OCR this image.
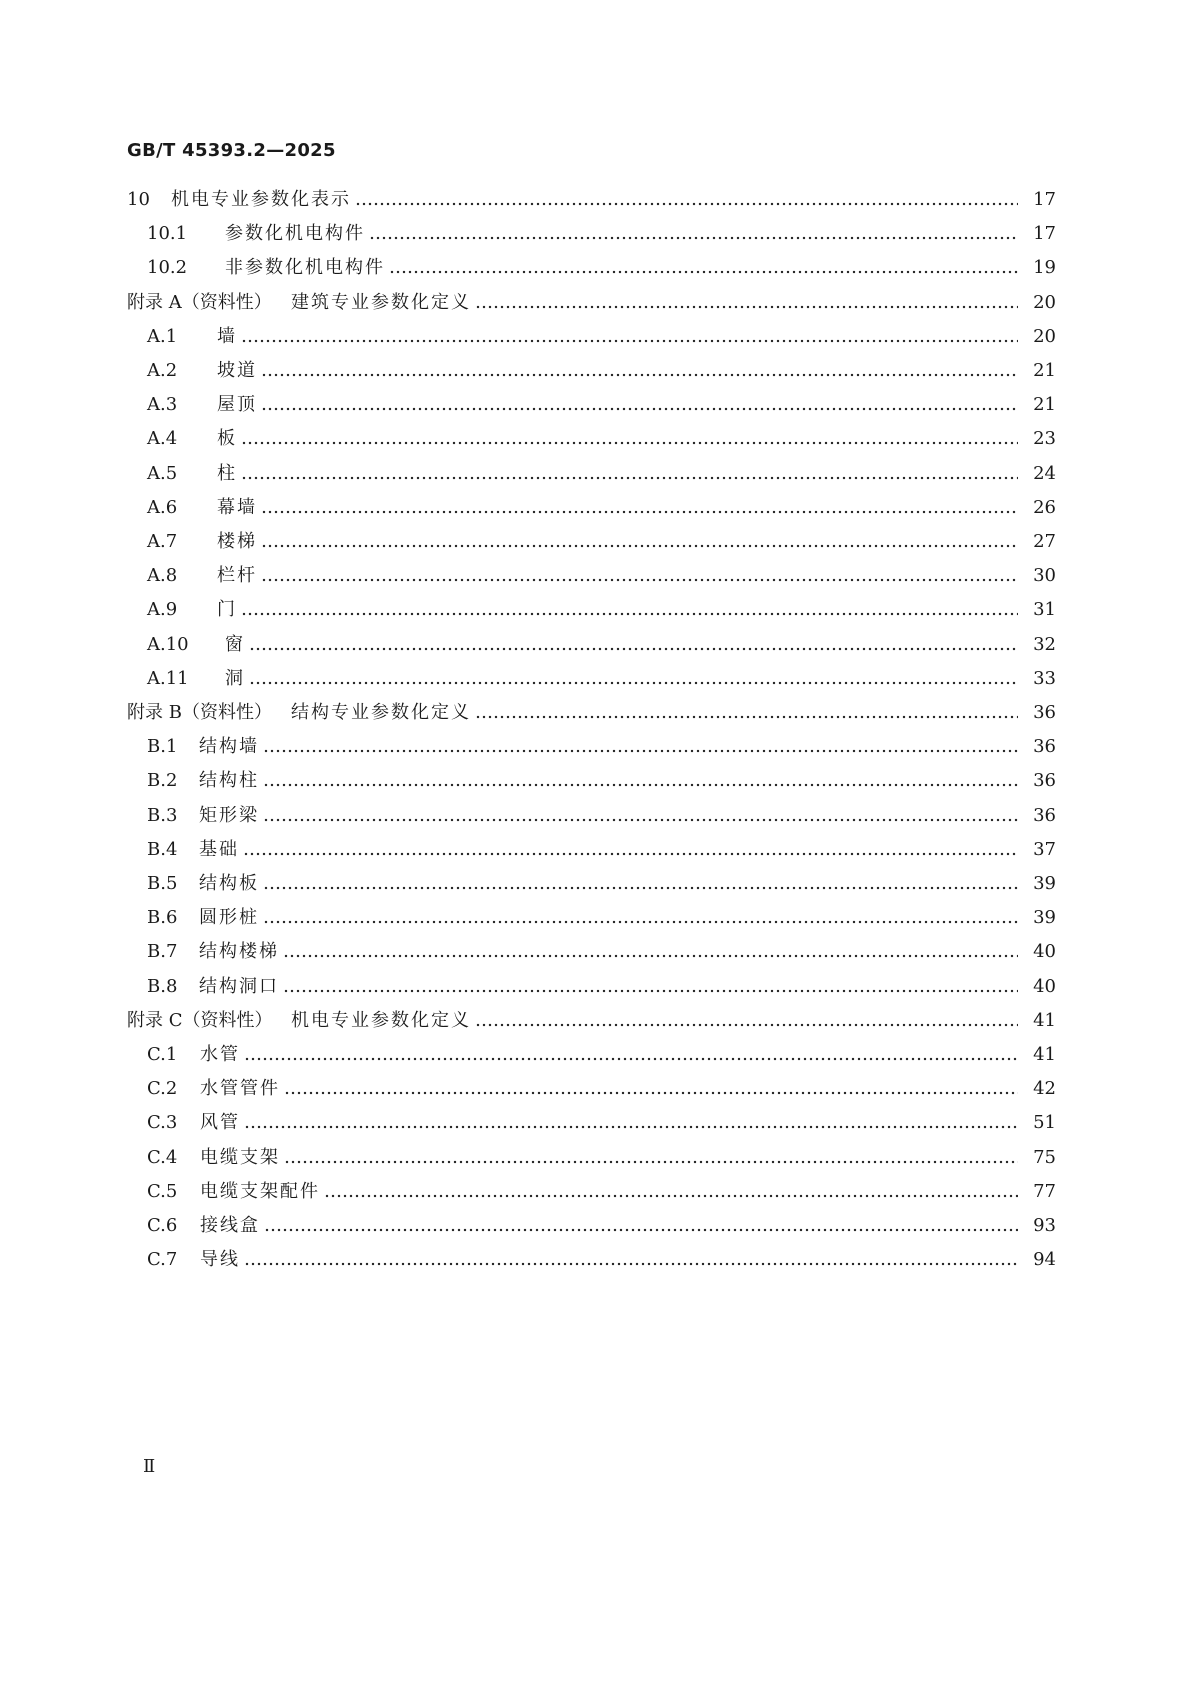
GB/T 45393.2—2025
10	机电专业参数化表示	17
10.1	参数化机电构件	17
10.2	非参数化机电构件	19
附录 A（资料性）	建筑专业参数化定义	20
A.1	墙	20
A.2	坡道	21
A.3	屋顶	21
A.4	板	23
A.5	柱	24
A.6	幕墙	26
A.7	楼梯	27
A.8	栏杆	30
A.9	门	31
A.10	窗	32
A.11	洞	33
附录 B（资料性）	结构专业参数化定义	36
B.1	结构墙	36
B.2	结构柱	36
B.3	矩形梁	36
B.4	基础	37
B.5	结构板	39
B.6	圆形桩	39
B.7	结构楼梯	40
B.8	结构洞口	40
附录 C（资料性）	机电专业参数化定义	41
C.1	水管	41
C.2	水管管件	42
C.3	风管	51
C.4	电缆支架	75
C.5	电缆支架配件	77
C.6	接线盒	93
C.7	导线	94
Ⅱ
